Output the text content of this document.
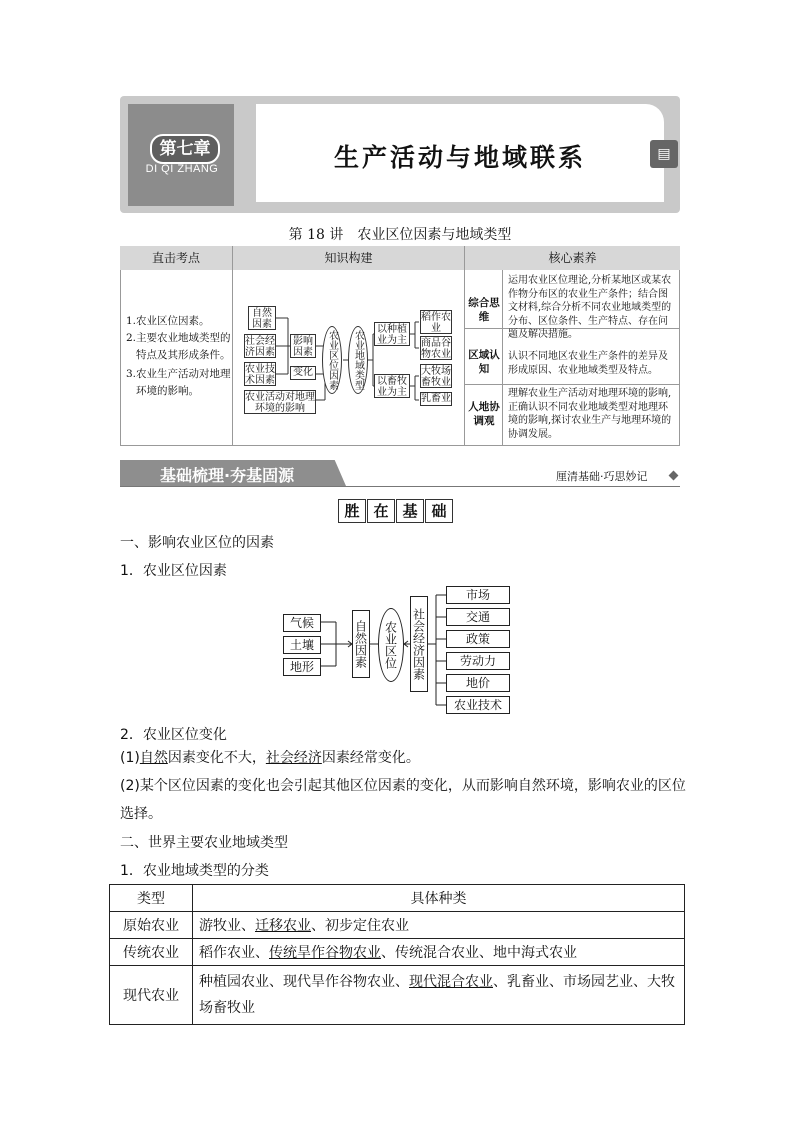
第七章
DI QI ZHANG	生产活动与地域联系	▤
第 18 讲　农业区位因素与地域类型
直击考点	知识构建	核心素养
1.农业区位因素。
2.主要农业地域类型的
特点及其形成条件。
3.农业生产活动对地理
环境的影响。
自然因素
社会经济因素
农业技术因素
影响因素
变化
农业活动对地理环境的影响
农业区位因素	农业地域类型
以种植业为主
以畜牧业为主
稻作农业
商品谷物农业
大牧场畜牧业
乳畜业
综合思维
运用农业区位理论,分析某地区或某农作物分布区的农业生产条件；结合图文材料,综合分析不同农业地域类型的分布、区位条件、生产特点、存在问题及解决措施。
区域认知
认识不同地区农业生产条件的差异及形成原因、农业地域类型及特点。
人地协调观
理解农业生产活动对地理环境的影响,正确认识不同农业地域类型对地理环境的影响,探讨农业生产与地理环境的协调发展。
基础梳理·夯基固源	厘清基础·巧思妙记
胜 在 基 础
一、影响农业区位的因素
1．农业区位因素
气候
土壤
地形	自然因素	农业区位	社会经济因素
市场
交通
政策
劳动力
地价
农业技术
2．农业区位变化
(1)自然因素变化不大，社会经济因素经常变化。
(2)某个区位因素的变化也会引起其他区位因素的变化，从而影响自然环境，影响农业的区位选择。
二、世界主要农业地域类型
1．农业地域类型的分类
类型	具体种类
原始农业	游牧业、迁移农业、初步定住农业
传统农业	稻作农业、传统旱作谷物农业、传统混合农业、地中海式农业
现代农业	种植园农业、现代旱作谷物农业、现代混合农业、乳畜业、市场园艺业、大牧场畜牧业
